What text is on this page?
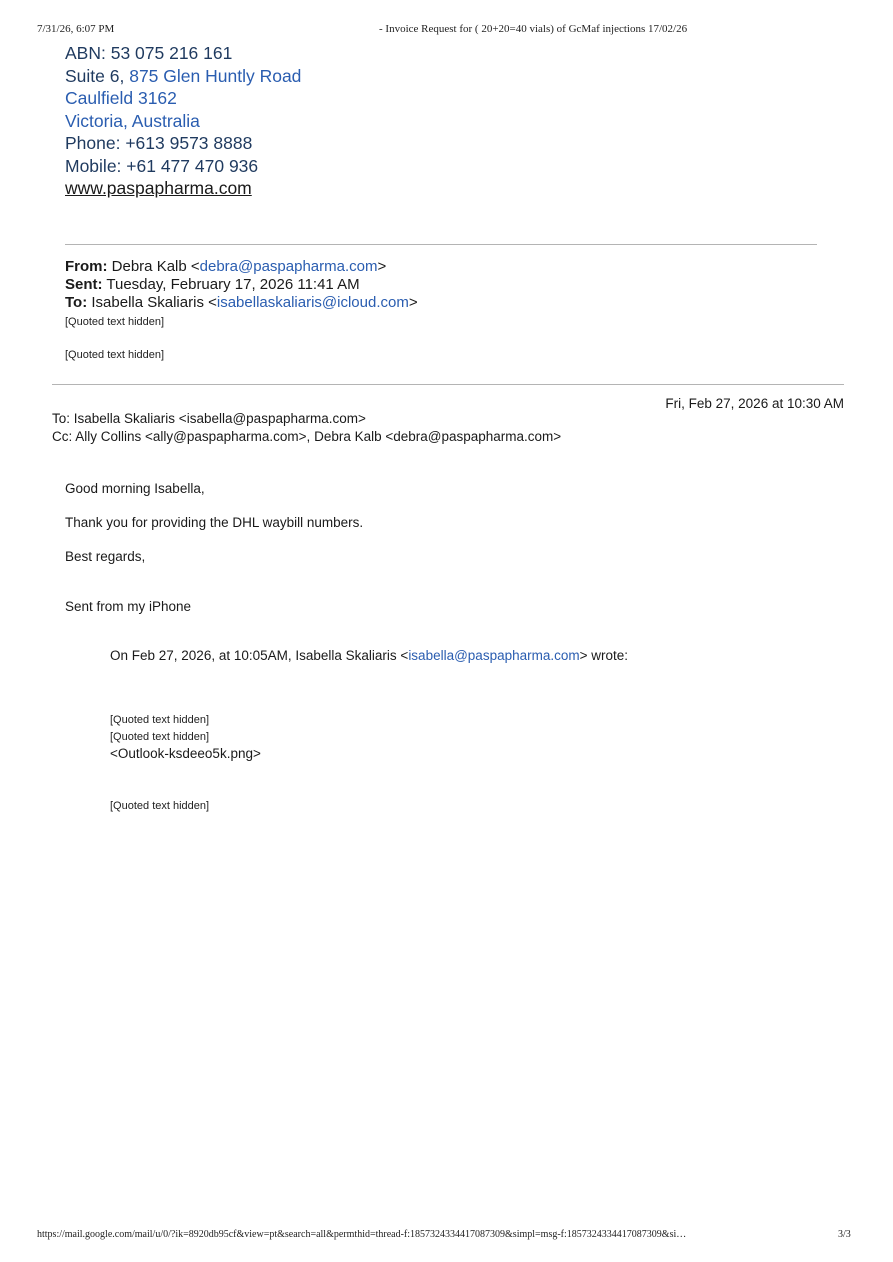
7/31/26, 6:07 PM	- Invoice Request for ( 20+20=40 vials) of GcMaf injections 17/02/26
ABN: 53 075 216 161
Suite 6, 875 Glen Huntly Road
Caulfield 3162
Victoria, Australia
Phone: +613 9573 8888
Mobile: +61 477 470 936
www.paspapharma.com
From: Debra Kalb <debra@paspapharma.com>
Sent: Tuesday, February 17, 2026 11:41 AM
To: Isabella Skaliaris <isabellaskaliaris@icloud.com>
[Quoted text hidden]
[Quoted text hidden]
Fri, Feb 27, 2026 at 10:30 AM
To: Isabella Skaliaris <isabella@paspapharma.com>
Cc: Ally Collins <ally@paspapharma.com>, Debra Kalb <debra@paspapharma.com>
Good morning Isabella,
Thank you for providing the DHL waybill numbers.
Best regards,
Sent from my iPhone
On Feb 27, 2026, at 10:05AM, Isabella Skaliaris <isabella@paspapharma.com> wrote:
[Quoted text hidden]
[Quoted text hidden]
<Outlook-ksdeeo5k.png>
[Quoted text hidden]
https://mail.google.com/mail/u/0/?ik=8920db95cf&view=pt&search=all&permthid=thread-f:1857324334417087309&simpl=msg-f:1857324334417087309&si…	3/3
